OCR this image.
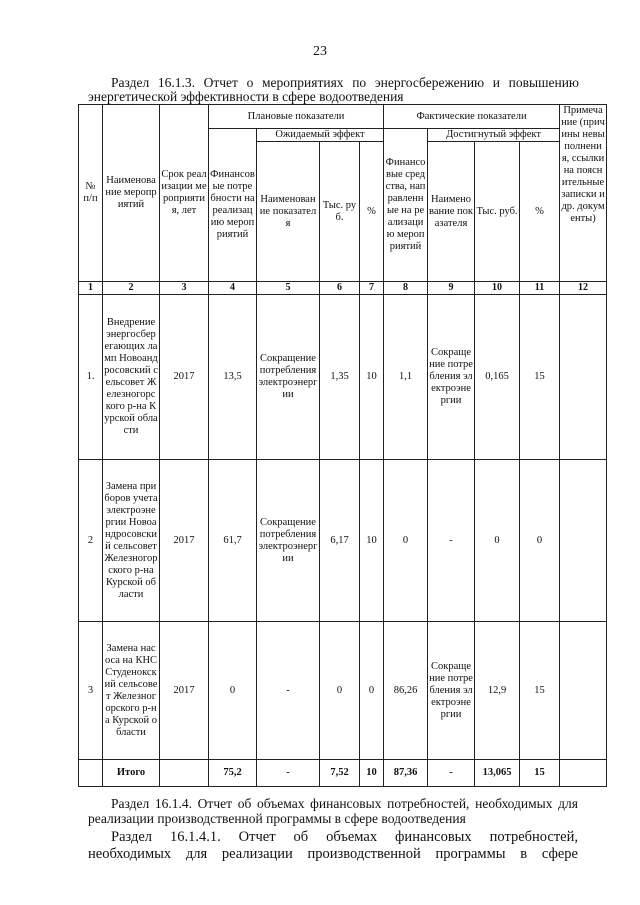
23
Раздел 16.1.3. Отчет о мероприятиях по энергосбережению и повышению
энергетической эффективности в сфере водоотведения
№ п/п	Наименование мероприятий	Срок реализации мероприятия, лет	Плановые показатели				Фактические показатели				Примечание (причины невыполнения, ссылки на пояснительные записки и др. документы)
			Финансовые потребности на реализацию мероприятий	Ожидаемый эффект			Финансовые средства, направленные на реализацию мероприятий	Достигнутый эффект			
				Наименование показателя	Тыс. руб.	%		Наименование показателя	Тыс. руб.	%	
1	2	3	4	5	6	7	8	9	10	11	12
1.	Внедрение энергосберегающих ламп Новоандросовский сельсовет Железногорского р-на Курской области	2017	13,5	Сокращение потребления электроэнергии	1,35	10	1,1	Сокращение потребления электроэнергии	0,165	15	
2	Замена приборов учета электроэнергии Новоандросовский сельсовет Железногорского р-на Курской области	2017	61,7	Сокращение потребления электроэнергии	6,17	10	0	-	0	0	
3	Замена насоса на КНС Студенокский сельсовет Железногорского р-на Курской области	2017	0	-	0	0	86,26	Сокращение потребления электроэнергии	12,9	15	
	Итого		75,2	-	7,52	10	87,36	-	13,065	15	
Раздел 16.1.4. Отчет об объемах финансовых потребностей, необходимых для
реализации производственной программы в сфере водоотведения
Раздел 16.1.4.1. Отчет об объемах финансовых потребностей,
необходимых для реализации производственной программы в сфере
